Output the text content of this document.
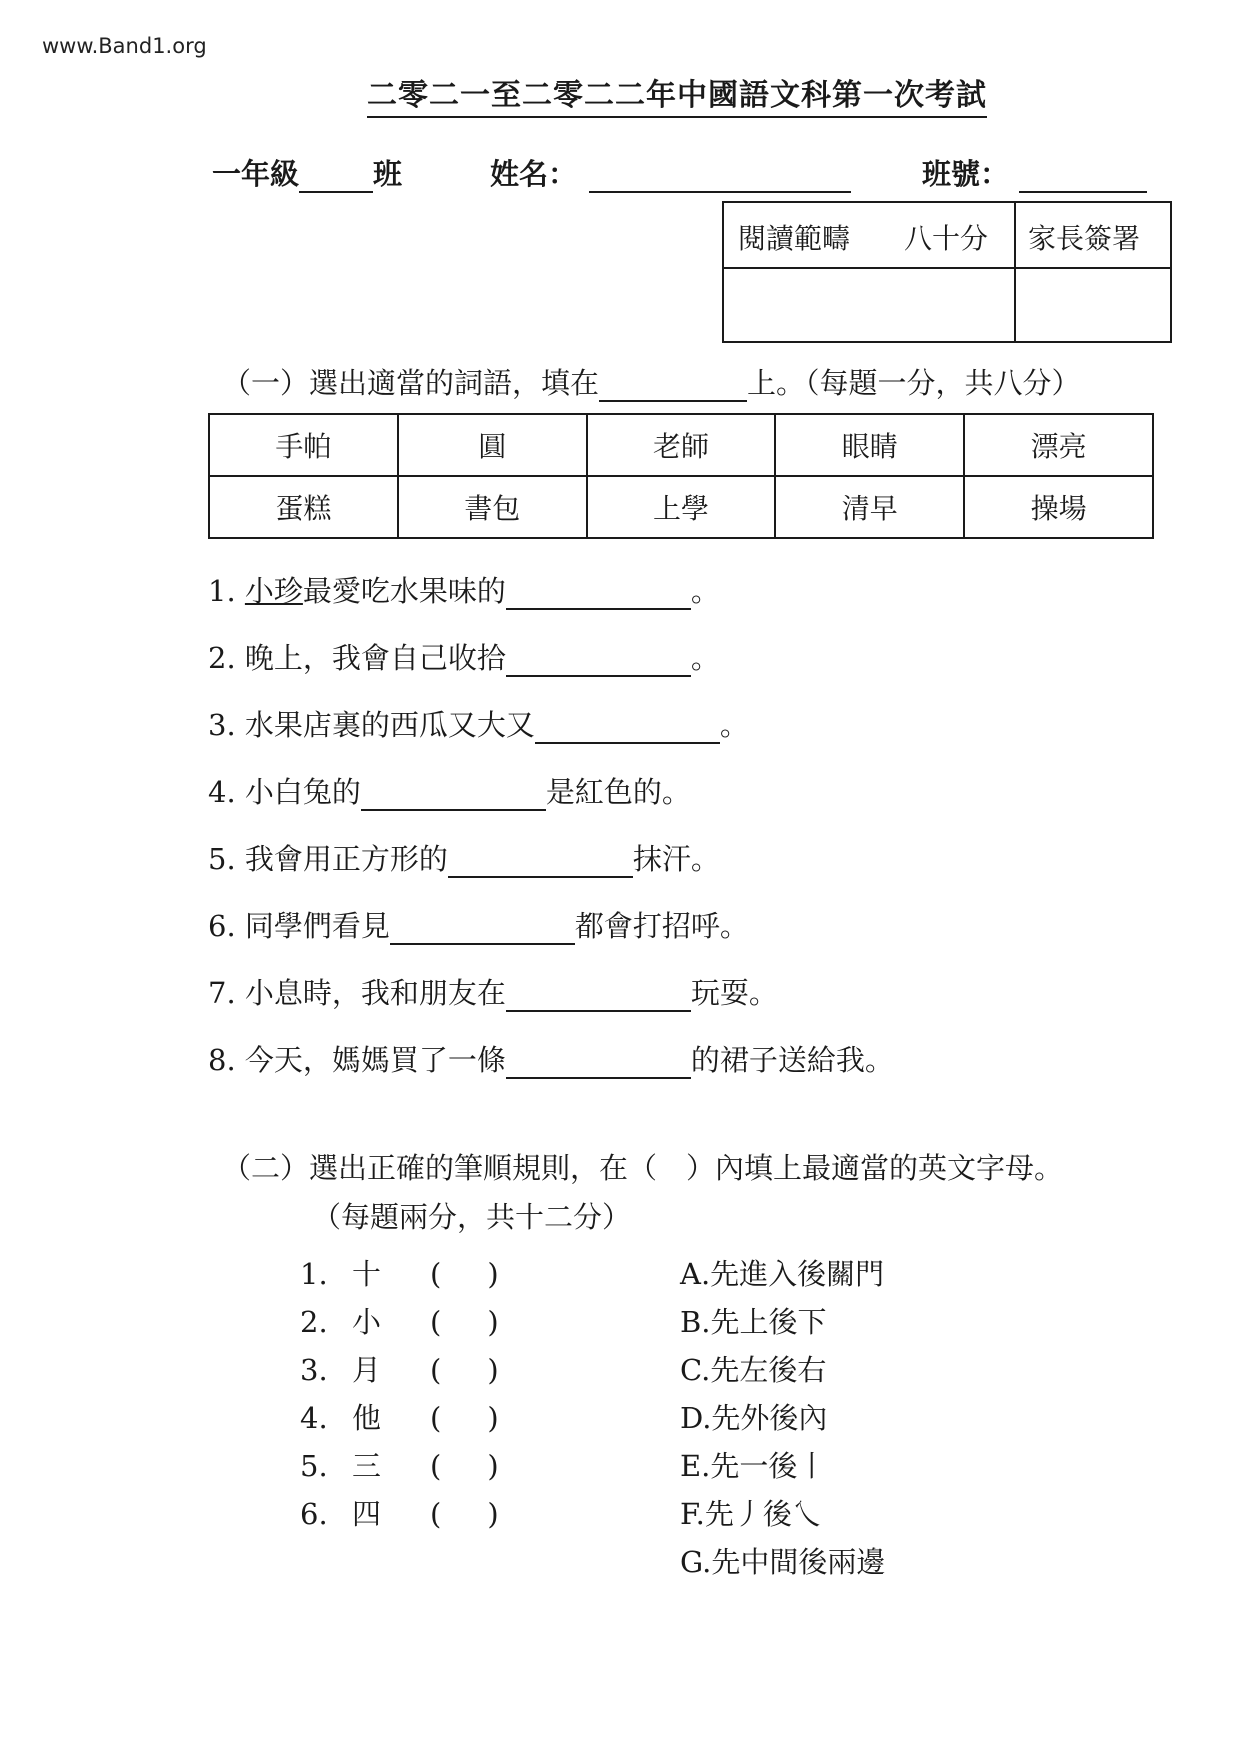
www.Band1.org
二零二一至二零二二年中國語文科第一次考試
一年級	班	姓名：	班號：
閱讀範疇 八十分 家長簽署
（一）選出適當的詞語，填在	上。（每題一分，共八分）
手帕	圓	老師	眼睛	漂亮
蛋糕	書包	上學	清早	操場
1. 小珍最愛吃水果味的	。
2. 晚上，我會自己收拾	。
3. 水果店裏的西瓜又大又	。
4. 小白兔的	是紅色的。
5. 我會用正方形的	抹汗。
6. 同學們看見	都會打招呼。
7. 小息時，我和朋友在	玩耍。
8. 今天，媽媽買了一條	的裙子送給我。
（二）選出正確的筆順規則，在（　）內填上最適當的英文字母。
（每題兩分，共十二分）
1. 十 (     )
2. 小 (     )
3. 月 (     )
4. 他 (     )
5. 三 (     )
6. 四 (     )
A.先進入後關門
B.先上後下
C.先左後右
D.先外後內
E.先一後丨
F.先丿後乀
G.先中間後兩邊
